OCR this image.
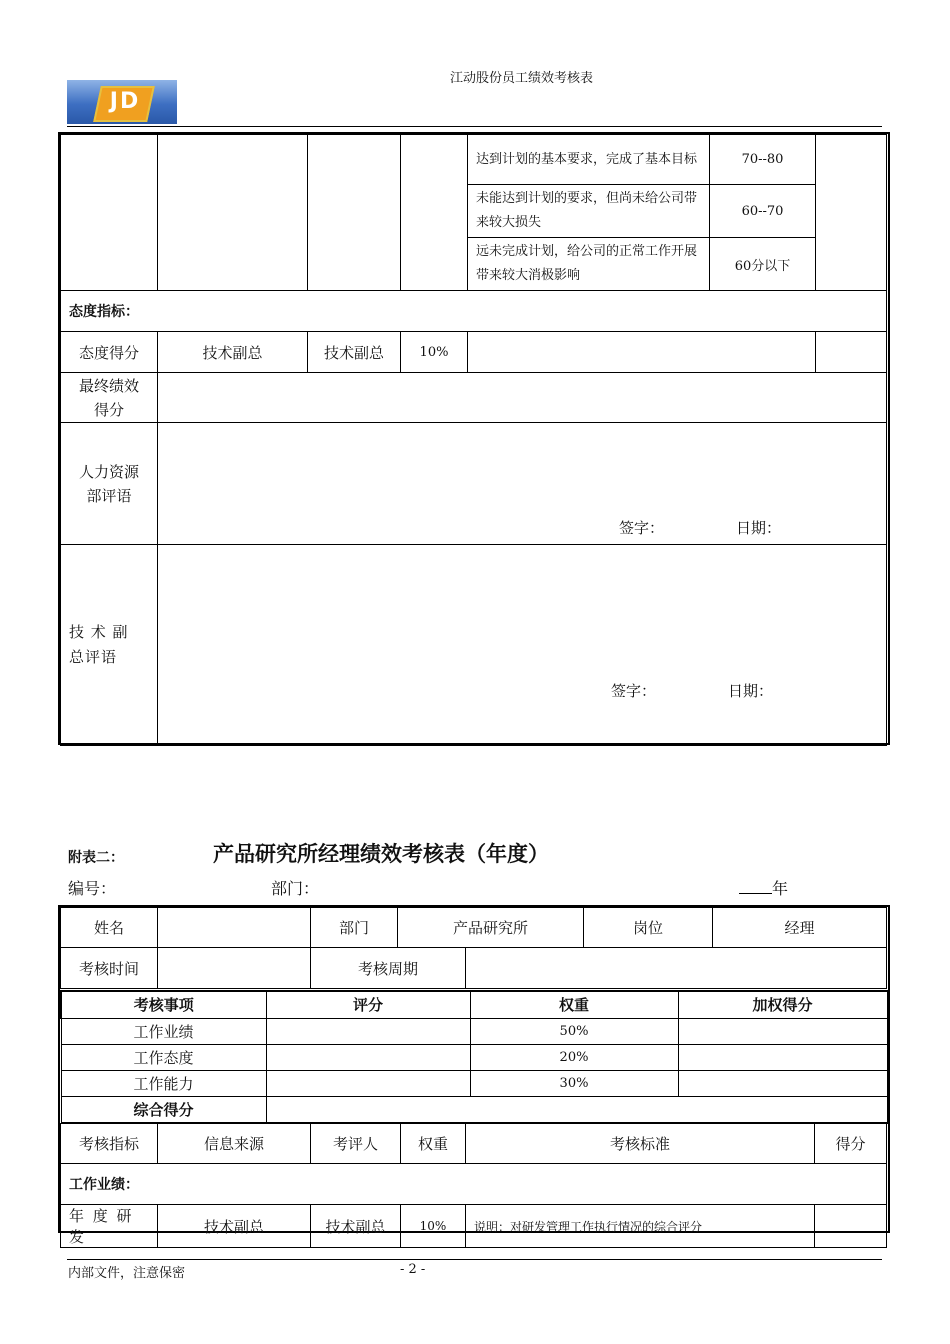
JD
江动股份员工绩效考核表
				达到计划的基本要求，完成了基本目标	70--80	
				未能达到计划的要求，但尚未给公司带来较大损失	60--70	
				远未完成计划，给公司的正常工作开展带来较大消极影响	60分以下	
态度指标：						
态度得分	技术副总	技术副总	10%			
最终绩效得分						
人力资源部评语	签字： 日期：					

技 术 副 总评语	签字： 日期：					
附表二：	产品研究所经理绩效考核表（年度）
编号：	部门：	年
姓名		部门	产品研究所		岗位	经理
考核时间		考核周期				
考核事项	评分	权重	加权得分
工作业绩		50%	
工作态度		20%	
工作能力		30%	
综合得分			
考核指标	信息来源	考评人	权重	考核标准	得分
工作业绩：					
年 度 研 发	技术副总	技术副总	10%	说明：对研发管理工作执行情况的综合评分	
内部文件，注意保密	- 2 -
